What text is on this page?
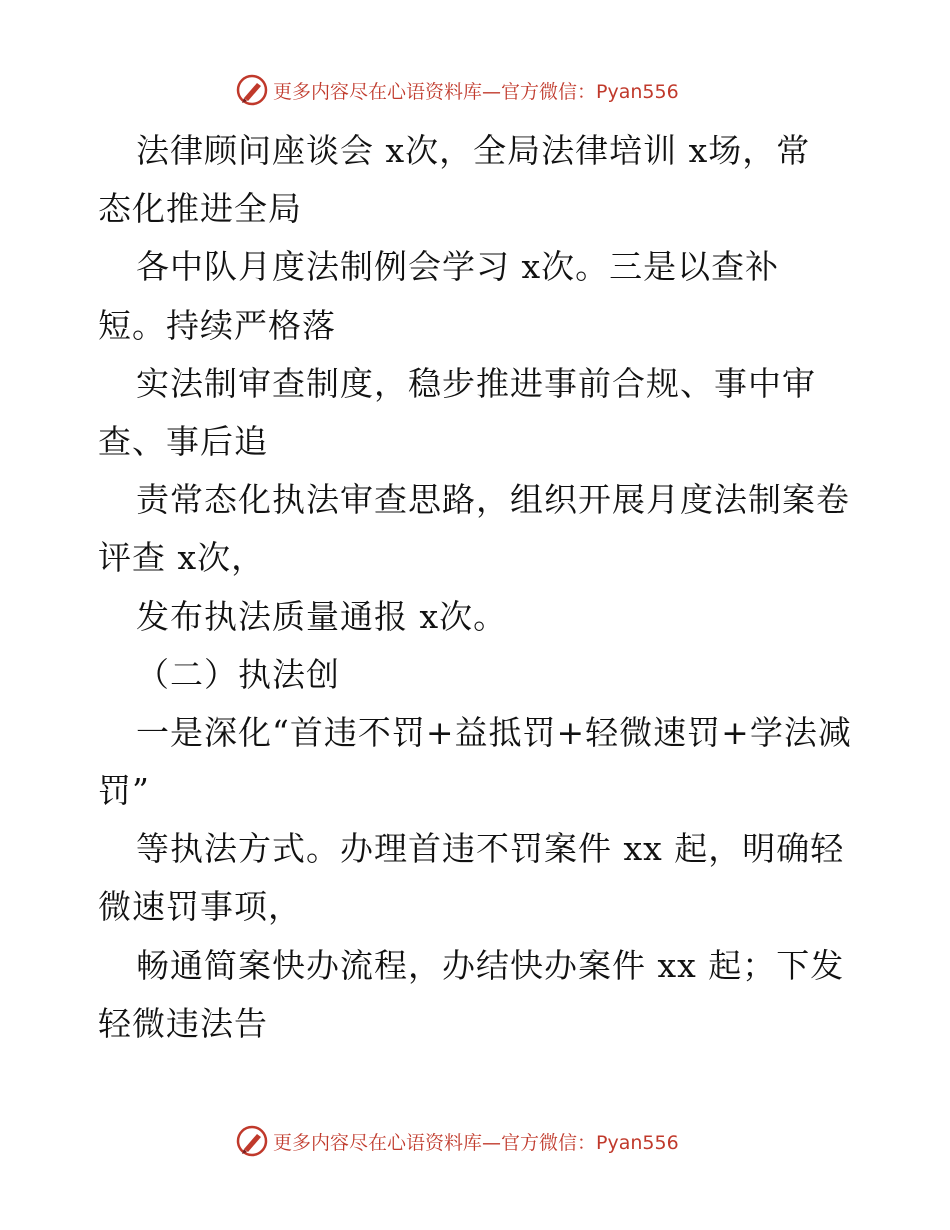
更多内容尽在心语资料库—官方微信：Pyan556
法律顾问座谈会 x次，全局法律培训 x场，常
态化推进全局
各中队月度法制例会学习 x次。三是以查补
短。持续严格落
实法制审查制度，稳步推进事前合规、事中审
查、事后追
责常态化执法审查思路，组织开展月度法制案卷
评查 x次，
发布执法质量通报 x次。
（二）执法创
一是深化“首违不罚+益抵罚+轻微速罚+学法减
罚”
等执法方式。办理首违不罚案件 xx 起，明确轻
微速罚事项，
畅通简案快办流程，办结快办案件 xx 起；下发
轻微违法告
更多内容尽在心语资料库—官方微信：Pyan556
